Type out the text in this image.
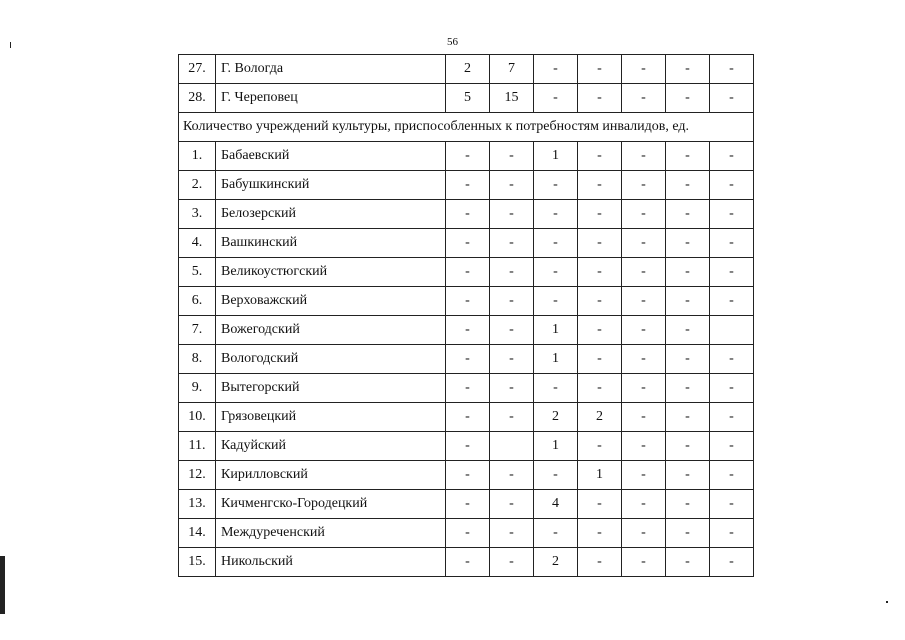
56
27.	Г. Вологда	2	7	-	-	-	-	-
28.	Г. Череповец	5	15	-	-	-	-	-
Количество учреждений культуры, приспособленных к потребностям инвалидов, ед.								
1.	Бабаевский	-	-	1	-	-	-	-
2.	Бабушкинский	-	-	-	-	-	-	-
3.	Белозерский	-	-	-	-	-	-	-
4.	Вашкинский	-	-	-	-	-	-	-
5.	Великоустюгский	-	-	-	-	-	-	-
6.	Верховажский	-	-	-	-	-	-	-
7.	Вожегодский	-	-	1	-	-	-	
8.	Вологодский	-	-	1	-	-	-	-
9.	Вытегорский	-	-	-	-	-	-	-
10.	Грязовецкий	-	-	2	2	-	-	-
11.	Кадуйский	-		1	-	-	-	-
12.	Кирилловский	-	-	-	1	-	-	-
13.	Кичменгско-Городецкий	-	-	4	-	-	-	-
14.	Междуреченский	-	-	-	-	-	-	-
15.	Никольский	-	-	2	-	-	-	-
